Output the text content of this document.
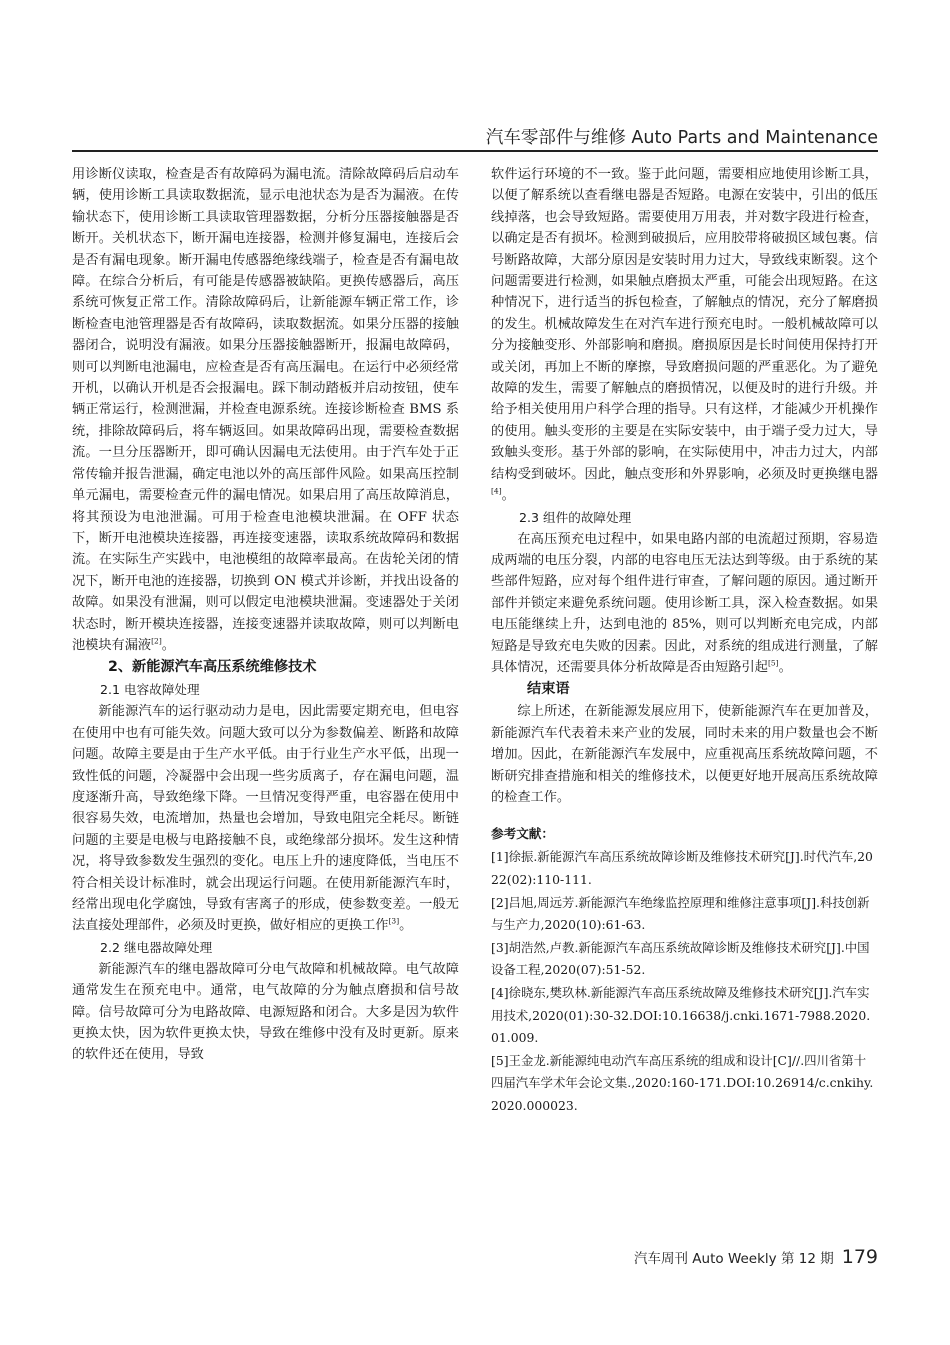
汽车零部件与维修 Auto Parts and Maintenance

用诊断仪读取，检查是否有故障码为漏电流。清除故障码后启动车辆，使用诊断工具读取数据流，显示电池状态为是否为漏液。在传输状态下，使用诊断工具读取管理器数据，分析分压器接触器是否断开。关机状态下，断开漏电连接器，检测并修复漏电，连接后会是否有漏电现象。断开漏电传感器绝缘线端子，检查是否有漏电故障。在综合分析后，有可能是传感器被缺陷。更换传感器后，高压系统可恢复正常工作。清除故障码后，让新能源车辆正常工作，诊断检查电池管理器是否有故障码，读取数据流。如果分压器的接触器闭合，说明没有漏液。如果分压器接触器断开，报漏电故障码，则可以判断电池漏电，应检查是否有高压漏电。在运行中必须经常开机，以确认开机是否会报漏电。踩下制动踏板并启动按钮，使车辆正常运行，检测泄漏，并检查电源系统。连接诊断检查 BMS 系统，排除故障码后，将车辆返回。如果故障码出现，需要检查数据流。一旦分压器断开，即可确认因漏电无法使用。由于汽车处于正常传输并报告泄漏，确定电池以外的高压部件风险。如果高压控制单元漏电，需要检查元件的漏电情况。如果启用了高压故障消息，将其预设为电池泄漏。可用于检查电池模块泄漏。在 OFF 状态下，断开电池模块连接器，再连接变速器，读取系统故障码和数据流。在实际生产实践中，电池模组的故障率最高。在齿轮关闭的情况下，断开电池的连接器，切换到 ON 模式并诊断，并找出设备的故障。如果没有泄漏，则可以假定电池模块泄漏。变速器处于关闭状态时，断开模块连接器，连接变速器并读取故障，则可以判断电池模块有漏液[2]。

2、新能源汽车高压系统维修技术
2.1 电容故障处理

新能源汽车的运行驱动动力是电，因此需要定期充电，但电容在使用中也有可能失效。问题大致可以分为参数偏差、断路和故障问题。故障主要是由于生产水平低。由于行业生产水平低，出现一致性低的问题，冷凝器中会出现一些劣质离子，存在漏电问题，温度逐渐升高，导致绝缘下降。一旦情况变得严重，电容器在使用中很容易失效，电流增加，热量也会增加，导致电阻完全耗尽。断链问题的主要是电极与电路接触不良，或绝缘部分损坏。发生这种情况，将导致参数发生强烈的变化。电压上升的速度降低，当电压不符合相关设计标准时，就会出现运行问题。在使用新能源汽车时，经常出现电化学腐蚀，导致有害离子的形成，使参数变差。一般无法直接处理部件，必须及时更换，做好相应的更换工作[3]。

2.2 继电器故障处理

新能源汽车的继电器故障可分电气故障和机械故障。电气故障通常发生在预充电中。通常，电气故障的分为触点磨损和信号故障。信号故障可分为电路故障、电源短路和闭合。大多是因为软件更换太快，因为软件更换太快，导致在维修中没有及时更新。原来的软件还在使用，导致

软件运行环境的不一致。鉴于此问题，需要相应地使用诊断工具，以便了解系统以查看继电器是否短路。电源在安装中，引出的低压线掉落，也会导致短路。需要使用万用表，并对数字段进行检查，以确定是否有损坏。检测到破损后，应用胶带将破损区域包裹。信号断路故障，大部分原因是安装时用力过大，导致线束断裂。这个问题需要进行检测，如果触点磨损太严重，可能会出现短路。在这种情况下，进行适当的拆包检查，了解触点的情况，充分了解磨损的发生。机械故障发生在对汽车进行预充电时。一般机械故障可以分为接触变形、外部影响和磨损。磨损原因是长时间使用保持打开或关闭，再加上不断的摩擦，导致磨损问题的严重恶化。为了避免故障的发生，需要了解触点的磨损情况，以便及时的进行升级。并给予相关使用用户科学合理的指导。只有这样，才能减少开机操作的使用。触头变形的主要是在实际安装中，由于端子受力过大，导致触头变形。基于外部的影响，在实际使用中，冲击力过大，内部结构受到破坏。因此，触点变形和外界影响，必须及时更换继电器[4]。

2.3 组件的故障处理

在高压预充电过程中，如果电路内部的电流超过预期，容易造成两端的电压分裂，内部的电容电压无法达到等级。由于系统的某些部件短路，应对每个组件进行审查，了解问题的原因。通过断开部件并锁定来避免系统问题。使用诊断工具，深入检查数据。如果电压能继续上升，达到电池的 85%，则可以判断充电完成，内部短路是导致充电失败的因素。因此，对系统的组成进行测量，了解具体情况，还需要具体分析故障是否由短路引起[5]。

结束语

综上所述，在新能源发展应用下，使新能源汽车在更加普及，新能源汽车代表着未来产业的发展，同时未来的用户数量也会不断增加。因此，在新能源汽车发展中，应重视高压系统故障问题，不断研究排查措施和相关的维修技术，以便更好地开展高压系统故障的检查工作。

参考文献：

[1]徐振.新能源汽车高压系统故障诊断及维修技术研究[J].时代汽车,2022(02):110-111.

[2]吕旭,周远芳.新能源汽车绝缘监控原理和维修注意事项[J].科技创新与生产力,2020(10):61-63.

[3]胡浩然,卢教.新能源汽车高压系统故障诊断及维修技术研究[J].中国设备工程,2020(07):51-52.

[4]徐晓东,樊玖林.新能源汽车高压系统故障及维修技术研究[J].汽车实用技术,2020(01):30-32.DOI:10.16638/j.cnki.1671-7988.2020.01.009.

[5]王金龙.新能源纯电动汽车高压系统的组成和设计[C]//.四川省第十四届汽车学术年会论文集.,2020:160-171.DOI:10.26914/c.cnkihy.2020.000023.

汽车周刊 Auto Weekly 第 12 期 179
